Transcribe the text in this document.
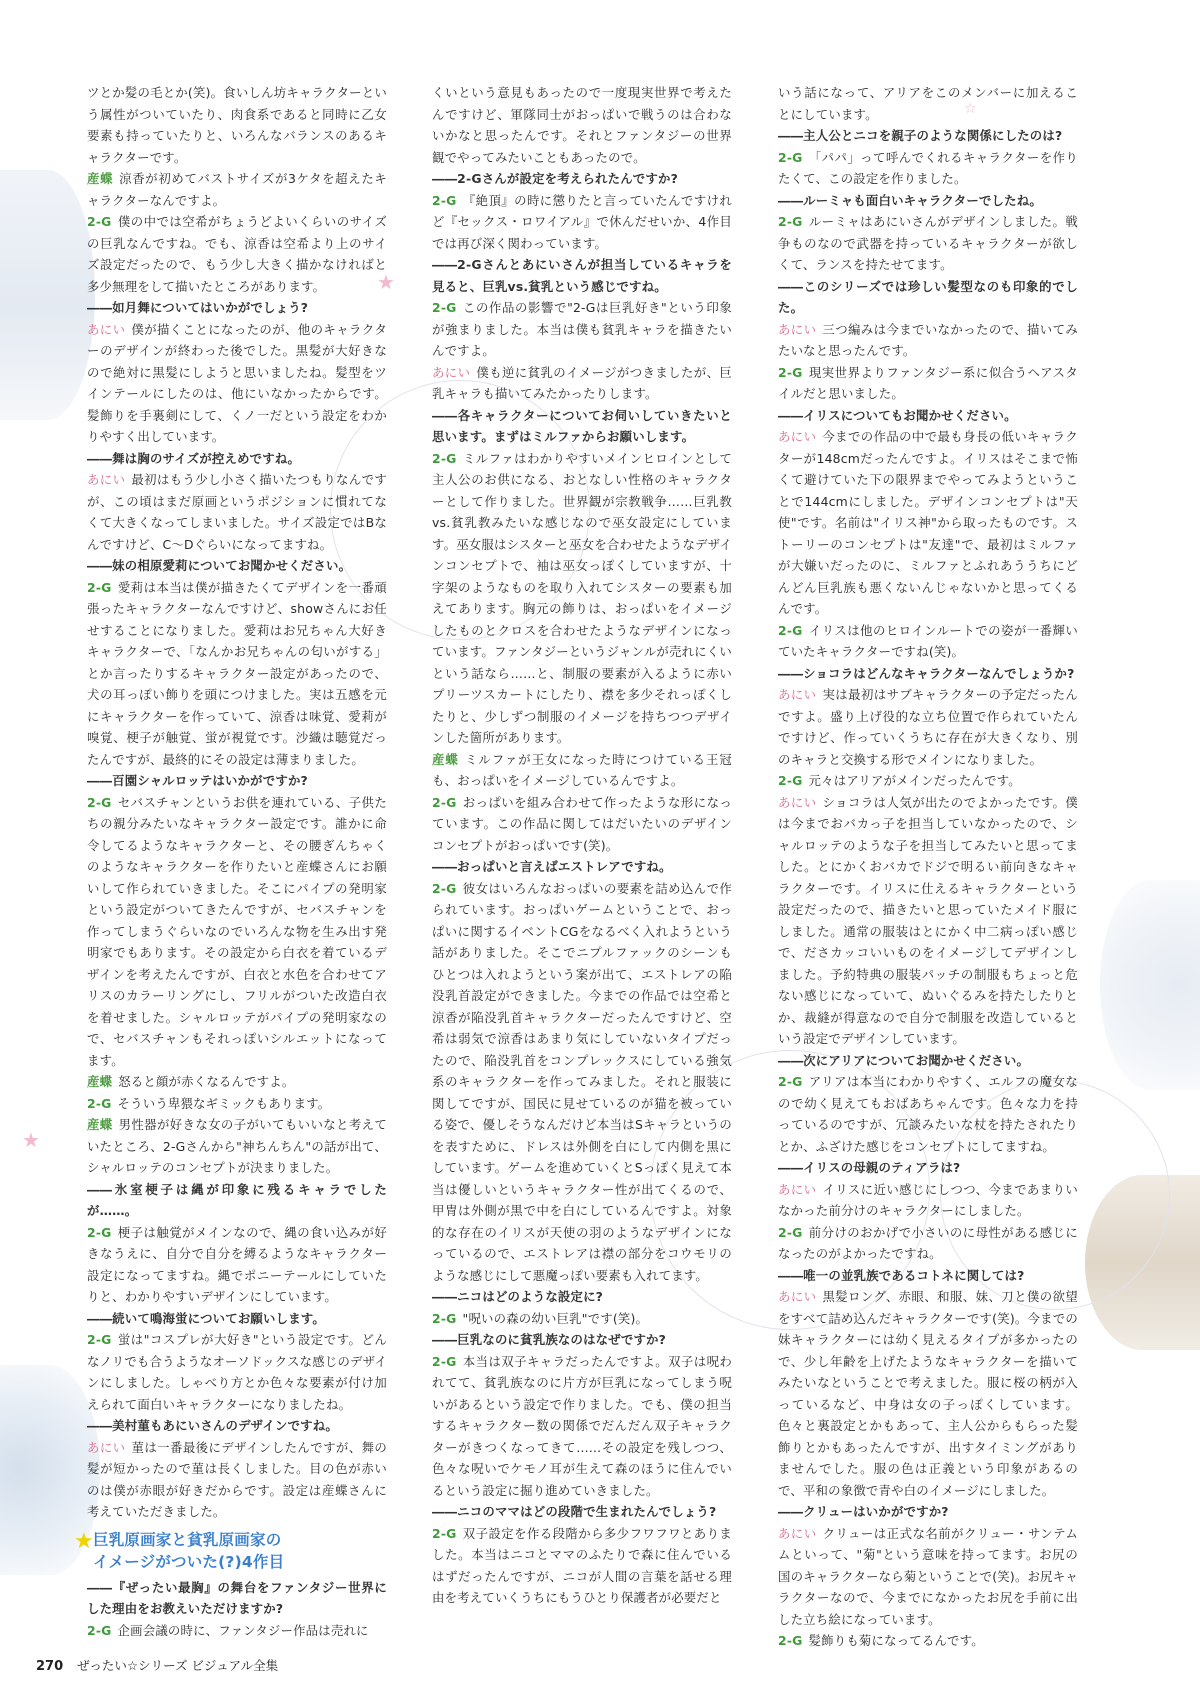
★
★
☆
ツとか髪の毛とか(笑)。食いしん坊キャラクターという属性がついていたり、肉食系であると同時に乙女要素も持っていたりと、いろんなバランスのあるキャラクターです。
産蝶 涼香が初めてバストサイズが3ケタを超えたキャラクターなんですよ。
2-G 僕の中では空希がちょうどよいくらいのサイズの巨乳なんですね。でも、涼香は空希より上のサイズ設定だったので、もう少し大きく描かなければと多少無理をして描いたところがあります。
――如月舞についてはいかがでしょう?
あにい 僕が描くことになったのが、他のキャラクターのデザインが終わった後でした。黒髪が大好きなので絶対に黒髪にしようと思いましたね。髪型をツインテールにしたのは、他にいなかったからです。髪飾りを手裏剣にして、くノ一だという設定をわかりやすく出しています。
――舞は胸のサイズが控えめですね。
あにい 最初はもう少し小さく描いたつもりなんですが、この頃はまだ原画というポジションに慣れてなくて大きくなってしまいました。サイズ設定ではBなんですけど、C～Dぐらいになってますね。
――妹の相原愛莉についてお聞かせください。
2-G 愛莉は本当は僕が描きたくてデザインを一番頑張ったキャラクターなんですけど、showさんにお任せすることになりました。愛莉はお兄ちゃん大好きキャラクターで、「なんかお兄ちゃんの匂いがする」とか言ったりするキャラクター設定があったので、犬の耳っぽい飾りを頭につけました。実は五感を元にキャラクターを作っていて、涼香は味覚、愛莉が嗅覚、梗子が触覚、蛍が視覚です。沙織は聴覚だったんですが、最終的にその設定は薄まりました。
――百園シャルロッテはいかがですか?
2-G セバスチャンというお供を連れている、子供たちの親分みたいなキャラクター設定です。誰かに命令してるようなキャラクターと、その腰ぎんちゃくのようなキャラクターを作りたいと産蝶さんにお願いして作られていきました。そこにパイプの発明家という設定がついてきたんですが、セバスチャンを作ってしまうぐらいなのでいろんな物を生み出す発明家でもあります。その設定から白衣を着ているデザインを考えたんですが、白衣と水色を合わせてアリスのカラーリングにし、フリルがついた改造白衣を着せました。シャルロッテがパイプの発明家なので、セバスチャンもそれっぽいシルエットになってます。
産蝶 怒ると顔が赤くなるんですよ。
2-G そういう卑猥なギミックもあります。
産蝶 男性器が好きな女の子がいてもいいなと考えていたところ、2-Gさんから"神ちんちん"の話が出て、シャルロッテのコンセプトが決まりました。
――氷室梗子は縄が印象に残るキャラでしたが……。
2-G 梗子は触覚がメインなので、縄の食い込みが好きなうえに、自分で自分を縛るようなキャラクター設定になってますね。縄でポニーテールにしていたりと、わかりやすいデザインにしています。
――続いて鳴海蛍についてお願いします。
2-G 蛍は"コスプレが大好き"という設定です。どんなノリでも合うようなオーソドックスな感じのデザインにしました。しゃべり方とか色々な要素が付け加えられて面白いキャラクターになりましたね。
――美村菫もあにいさんのデザインですね。
あにい 菫は一番最後にデザインしたんですが、舞の髪が短かったので菫は長くしました。目の色が赤いのは僕が赤眼が好きだからです。設定は産蝶さんに考えていただきました。
★ 巨乳原画家と貧乳原画家の
イメージがついた(?)4作目
――『ぜったい最胸』の舞台をファンタジー世界にした理由をお教えいただけますか?
2-G 企画会議の時に、ファンタジー作品は売れに
くいという意見もあったので一度現実世界で考えたんですけど、軍隊同士がおっぱいで戦うのは合わないかなと思ったんです。それとファンタジーの世界観でやってみたいこともあったので。
――2-Gさんが設定を考えられたんですか?
2-G 『絶頂』の時に懲りたと言っていたんですけれど『セックス・ロワイアル』で休んだせいか、4作目では再び深く関わっています。
――2-Gさんとあにいさんが担当しているキャラを見ると、巨乳vs.貧乳という感じですね。
2-G この作品の影響で"2-Gは巨乳好き"という印象が強まりました。本当は僕も貧乳キャラを描きたいんですよ。
あにい 僕も逆に貧乳のイメージがつきましたが、巨乳キャラも描いてみたかったりします。
――各キャラクターについてお伺いしていきたいと思います。まずはミルファからお願いします。
2-G ミルファはわかりやすいメインヒロインとして主人公のお供になる、おとなしい性格のキャラクターとして作りました。世界観が宗教戦争……巨乳教vs.貧乳教みたいな感じなので巫女設定にしています。巫女服はシスターと巫女を合わせたようなデザインコンセプトで、袖は巫女っぽくしていますが、十字架のようなものを取り入れてシスターの要素も加えてあります。胸元の飾りは、おっぱいをイメージしたものとクロスを合わせたようなデザインになっています。ファンタジーというジャンルが売れにくいという話なら……と、制服の要素が入るように赤いプリーツスカートにしたり、襟を多少それっぽくしたりと、少しずつ制服のイメージを持ちつつデザインした箇所があります。
産蝶 ミルファが王女になった時につけている王冠も、おっぱいをイメージしているんですよ。
2-G おっぱいを組み合わせて作ったような形になっています。この作品に関してはだいたいのデザインコンセプトがおっぱいです(笑)。
――おっぱいと言えばエストレアですね。
2-G 彼女はいろんなおっぱいの要素を詰め込んで作られています。おっぱいゲームということで、おっぱいに関するイベントCGをなるべく入れようという話がありました。そこでニプルファックのシーンもひとつは入れようという案が出て、エストレアの陥没乳首設定ができました。今までの作品では空希と涼香が陥没乳首キャラクターだったんですけど、空希は弱気で涼香はあまり気にしていないタイプだったので、陥没乳首をコンプレックスにしている強気系のキャラクターを作ってみました。それと服装に関してですが、国民に見せているのが猫を被っている姿で、優しそうなんだけど本当はSキャラというのを表すために、ドレスは外側を白にして内側を黒にしています。ゲームを進めていくとSっぽく見えて本当は優しいというキャラクター性が出てくるので、甲冑は外側が黒で中を白にしているんですよ。対象的な存在のイリスが天使の羽のようなデザインになっているので、エストレアは襟の部分をコウモリのような感じにして悪魔っぽい要素も入れてます。
――ニコはどのような設定に?
2-G "呪いの森の幼い巨乳"です(笑)。
――巨乳なのに貧乳族なのはなぜですか?
2-G 本当は双子キャラだったんですよ。双子は呪われてて、貧乳族なのに片方が巨乳になってしまう呪いがあるという設定で作りました。でも、僕の担当するキャラクター数の関係でだんだん双子キャラクターがきつくなってきて……その設定を残しつつ、色々な呪いでケモノ耳が生えて森のほうに住んでいるという設定に掘り進めていきました。
――ニコのママはどの段階で生まれたんでしょう?
2-G 双子設定を作る段階から多少フワフワとありました。本当はニコとママのふたりで森に住んでいるはずだったんですが、ニコが人間の言葉を話せる理由を考えていくうちにもうひとり保護者が必要だと
いう話になって、アリアをこのメンバーに加えることにしています。
――主人公とニコを親子のような関係にしたのは?
2-G 「パパ」って呼んでくれるキャラクターを作りたくて、この設定を作りました。
――ルーミャも面白いキャラクターでしたね。
2-G ルーミャはあにいさんがデザインしました。戦争ものなので武器を持っているキャラクターが欲しくて、ランスを持たせてます。
――このシリーズでは珍しい髪型なのも印象的でした。
あにい 三つ編みは今までいなかったので、描いてみたいなと思ったんです。
2-G 現実世界よりファンタジー系に似合うヘアスタイルだと思いました。
――イリスについてもお聞かせください。
あにい 今までの作品の中で最も身長の低いキャラクターが148cmだったんですよ。イリスはそこまで怖くて避けていた下の限界までやってみようということで144cmにしました。デザインコンセプトは"天使"です。名前は"イリス神"から取ったものです。ストーリーのコンセプトは"友達"で、最初はミルファが大嫌いだったのに、ミルファとふれあううちにどんどん巨乳族も悪くないんじゃないかと思ってくるんです。
2-G イリスは他のヒロインルートでの姿が一番輝いていたキャラクターですね(笑)。
――ショコラはどんなキャラクターなんでしょうか?
あにい 実は最初はサブキャラクターの予定だったんですよ。盛り上げ役的な立ち位置で作られていたんですけど、作っていくうちに存在が大きくなり、別のキャラと交換する形でメインになりました。
2-G 元々はアリアがメインだったんです。
あにい ショコラは人気が出たのでよかったです。僕は今までおバカっ子を担当していなかったので、シャルロッテのような子を担当してみたいと思ってました。とにかくおバカでドジで明るい前向きなキャラクターです。イリスに仕えるキャラクターという設定だったので、描きたいと思っていたメイド服にしました。通常の服装はとにかく中二病っぽい感じで、ださカッコいいものをイメージしてデザインしました。予約特典の服装パッチの制服もちょっと危ない感じになっていて、ぬいぐるみを持たしたりとか、裁縫が得意なので自分で制服を改造しているという設定でデザインしています。
――次にアリアについてお聞かせください。
2-G アリアは本当にわかりやすく、エルフの魔女なので幼く見えてもおばあちゃんです。色々な力を持っているのですが、冗談みたいな杖を持たされたりとか、ふざけた感じをコンセプトにしてますね。
――イリスの母親のティアラは?
あにい イリスに近い感じにしつつ、今まであまりいなかった前分けのキャラクターにしました。
2-G 前分けのおかげで小さいのに母性がある感じになったのがよかったですね。
――唯一の並乳族であるコトネに関しては?
あにい 黒髪ロング、赤眼、和服、妹、刀と僕の欲望をすべて詰め込んだキャラクターです(笑)。今までの妹キャラクターには幼く見えるタイプが多かったので、少し年齢を上げたようなキャラクターを描いてみたいなということで考えました。服に桜の柄が入っているなど、中身は女の子っぽくしています。色々と裏設定とかもあって、主人公からもらった髪飾りとかもあったんですが、出すタイミングがありませんでした。服の色は正義という印象があるので、平和の象徴で青や白のイメージにしました。
――クリューはいかがですか?
あにい クリューは正式な名前がクリュー・サンテムムといって、"菊"という意味を持ってます。お尻の国のキャラクターなら菊ということで(笑)。お尻キャラクターなので、今までになかったお尻を手前に出した立ち絵になっています。
2-G 髪飾りも菊になってるんです。
270 ぜったい☆シリーズ ビジュアル全集
